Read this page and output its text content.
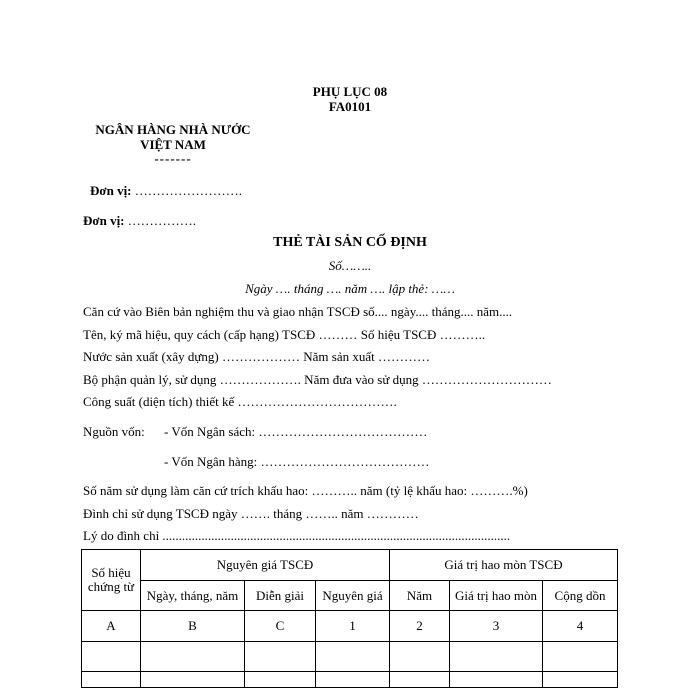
PHỤ LỤC 08
FA0101
NGÂN HÀNG NHÀ NƯỚC
VIỆT NAM
-------
Đơn vị: …………………….
Đơn vị: …………….
THẺ TÀI SẢN CỐ ĐỊNH
Số……..
Ngày …. tháng …. năm …. lập thẻ: ……
Căn cứ vào Biên bản nghiệm thu và giao nhận TSCĐ số.... ngày.... tháng.... năm....
Tên, ký mã hiệu, quy cách (cấp hạng) TSCĐ ……… Số hiệu TSCĐ ………..
Nước sản xuất (xây dựng) ……………… Năm sản xuất …………
Bộ phận quản lý, sử dụng ………………. Năm đưa vào sử dụng …………………………
Công suất (diện tích) thiết kế ……………………………….
Nguồn vốn: - Vốn Ngân sách: …………………………………
- Vốn Ngân hàng: …………………………………
Số năm sử dụng làm căn cứ trích khấu hao: ……….. năm (tỷ lệ khấu hao: ……….%)
Đình chỉ sử dụng TSCĐ ngày ……. tháng …….. năm …………
Lý do đình chỉ ...........................................................................................................
Số hiệu chứng từ	Nguyên giá TSCĐ			Giá trị hao mòn TSCĐ		
	Ngày, tháng, năm	Diễn giải	Nguyên giá	Năm	Giá trị hao mòn	Cộng dồn
A	B	C	1	2	3	4
